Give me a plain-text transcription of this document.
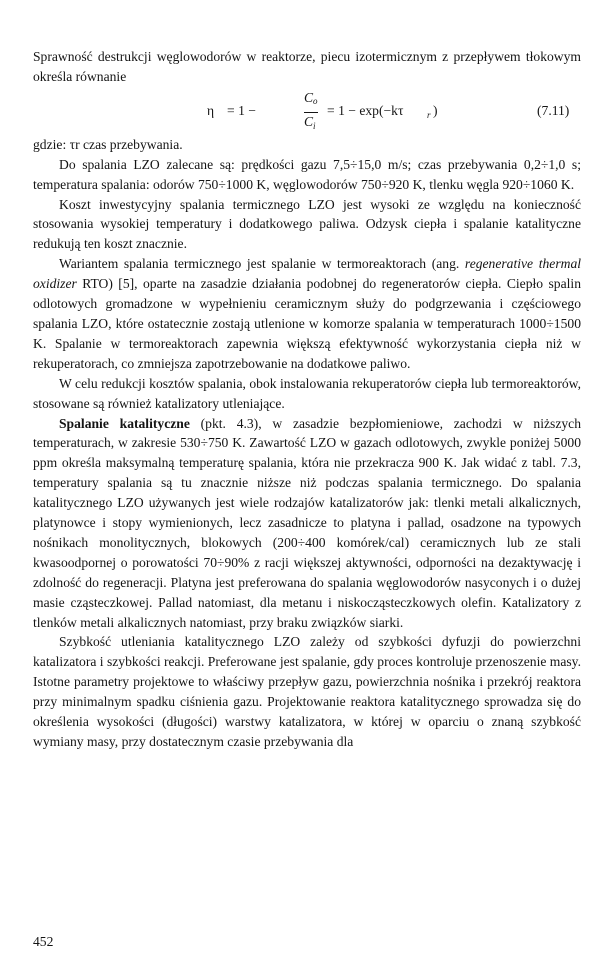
Sprawność destrukcji węglowodorów w reaktorze, piecu izotermicznym z przepływem tłokowym określa równanie

η = 1 −
C o
C i
= 1 − exp(−kτ	r )	(7.11)

gdzie: τr czas przebywania.

Do spalania LZO zalecane są: prędkości gazu 7,5÷15,0 m/s; czas przebywania 0,2÷1,0 s; temperatura spalania: odorów 750÷1000 K, węglowodorów 750÷920 K, tlenku węgla 920÷1060 K.

Koszt inwestycyjny spalania termicznego LZO jest wysoki ze względu na konieczność stosowania wysokiej temperatury i dodatkowego paliwa. Odzysk ciepła i spalanie katalityczne redukują ten koszt znacznie.

Wariantem spalania termicznego jest spalanie w termoreaktorach (ang. regenerative thermal oxidizer RTO) [5], oparte na zasadzie działania podobnej do regeneratorów ciepła. Ciepło spalin odlotowych gromadzone w wypełnieniu ceramicznym służy do podgrzewania i częściowego spalania LZO, które ostatecznie zostają utlenione w komorze spalania w temperaturach 1000÷1500 K. Spalanie w termoreaktorach zapewnia większą efektywność wykorzystania ciepła niż w rekuperatorach, co zmniejsza zapotrzebowanie na dodatkowe paliwo.

W celu redukcji kosztów spalania, obok instalowania rekuperatorów ciepła lub termoreaktorów, stosowane są również katalizatory utleniające.

Spalanie katalityczne (pkt. 4.3), w zasadzie bezpłomieniowe, zachodzi w niższych temperaturach, w zakresie 530÷750 K. Zawartość LZO w gazach odlotowych, zwykle poniżej 5000 ppm określa maksymalną temperaturę spalania, która nie przekracza 900 K. Jak widać z tabl. 7.3, temperatury spalania są tu znacznie niższe niż podczas spalania termicznego. Do spalania katalitycznego LZO używanych jest wiele rodzajów katalizatorów jak: tlenki metali alkalicznych, platynowce i stopy wymienionych, lecz zasadnicze to platyna i pallad, osadzone na typowych nośnikach monolitycznych, blokowych (200÷400 komórek/cal) ceramicznych lub ze stali kwasoodpornej o porowatości 70÷90% z racji większej aktywności, odporności na dezaktywację i zdolność do regeneracji. Platyna jest preferowana do spalania węglowodorów nasyconych i o dużej masie cząsteczkowej. Pallad natomiast, dla metanu i niskocząsteczkowych olefin. Katalizatory z tlenków metali alkalicznych natomiast, przy braku związków siarki.

Szybkość utleniania katalitycznego LZO zależy od szybkości dyfuzji do powierzchni katalizatora i szybkości reakcji. Preferowane jest spalanie, gdy proces kontroluje przenoszenie masy. Istotne parametry projektowe to właściwy przepływ gazu, powierzchnia nośnika i przekrój reaktora przy minimalnym spadku ciśnienia gazu. Projektowanie reaktora katalitycznego sprowadza się do określenia wysokości (długości) warstwy katalizatora, w której w oparciu o znaną szybkość wymiany masy, przy dostatecznym czasie przebywania dla

452
